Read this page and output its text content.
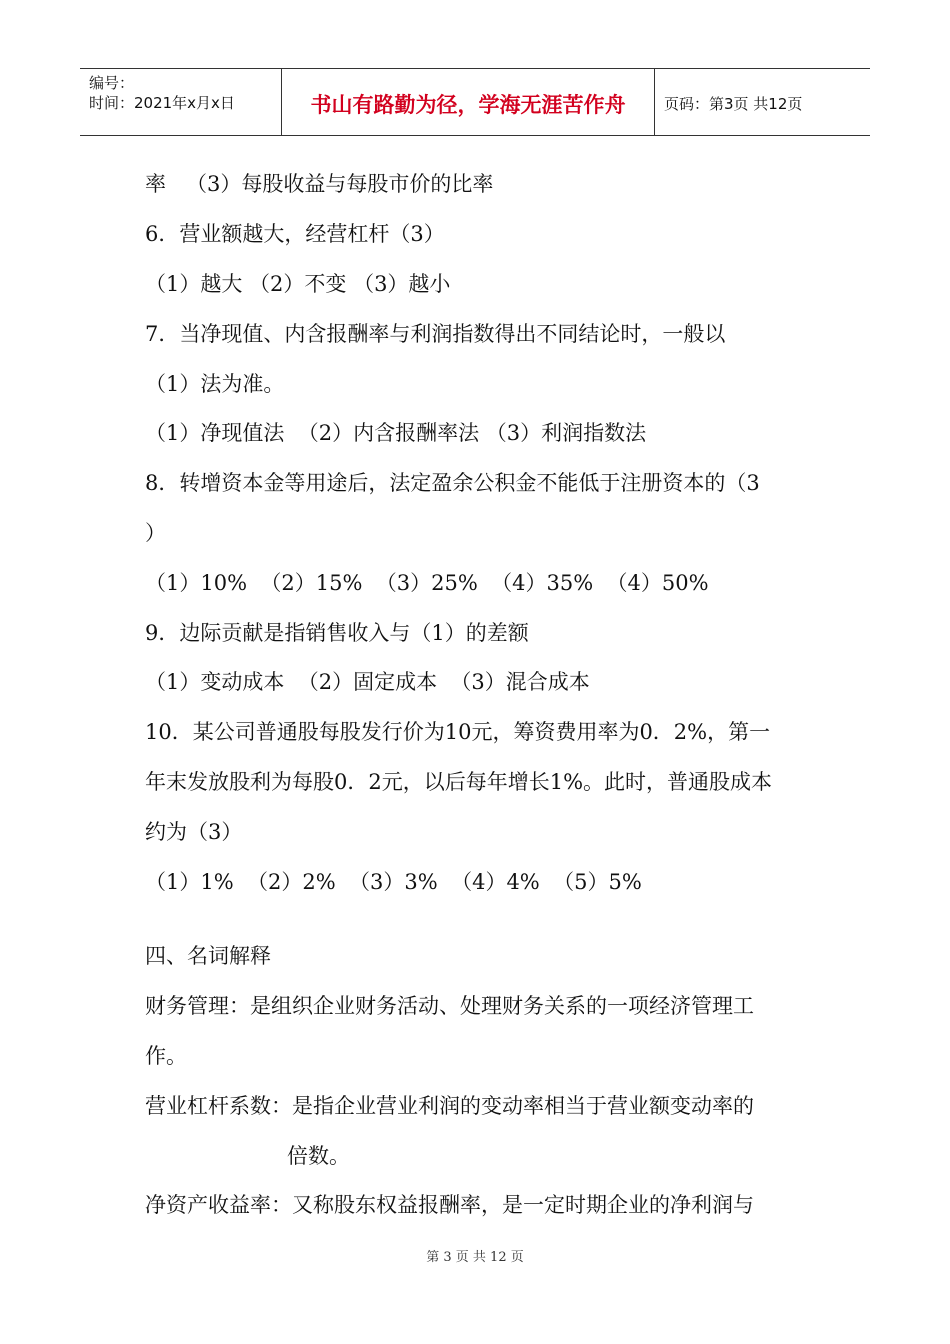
编号：
时间：2021年x月x日	书山有路勤为径，学海无涯苦作舟	页码：第3页 共12页
率   （3）每股收益与每股市价的比率
6．营业额越大，经营杠杆（3）
（1）越大 （2）不变 （3）越小
7．当净现值、内含报酬率与利润指数得出不同结论时，一般以
（1）法为准。
（1）净现值法  （2）内含报酬率法 （3）利润指数法
8．转增资本金等用途后，法定盈余公积金不能低于注册资本的（3
）
（1）10%  （2）15%  （3）25%  （4）35%  （4）50%
9．边际贡献是指销售收入与（1）的差额
（1）变动成本  （2）固定成本  （3）混合成本
10．某公司普通股每股发行价为10元，筹资费用率为0．2%，第一
年末发放股利为每股0．2元，以后每年增长1%。此时，普通股成本
约为（3）
（1）1%  （2）2%  （3）3%  （4）4%  （5）5%
四、名词解释
财务管理：是组织企业财务活动、处理财务关系的一项经济管理工
作。
营业杠杆系数：是指企业营业利润的变动率相当于营业额变动率的
倍数。
净资产收益率：又称股东权益报酬率，是一定时期企业的净利润与
第 3 页 共 12 页
